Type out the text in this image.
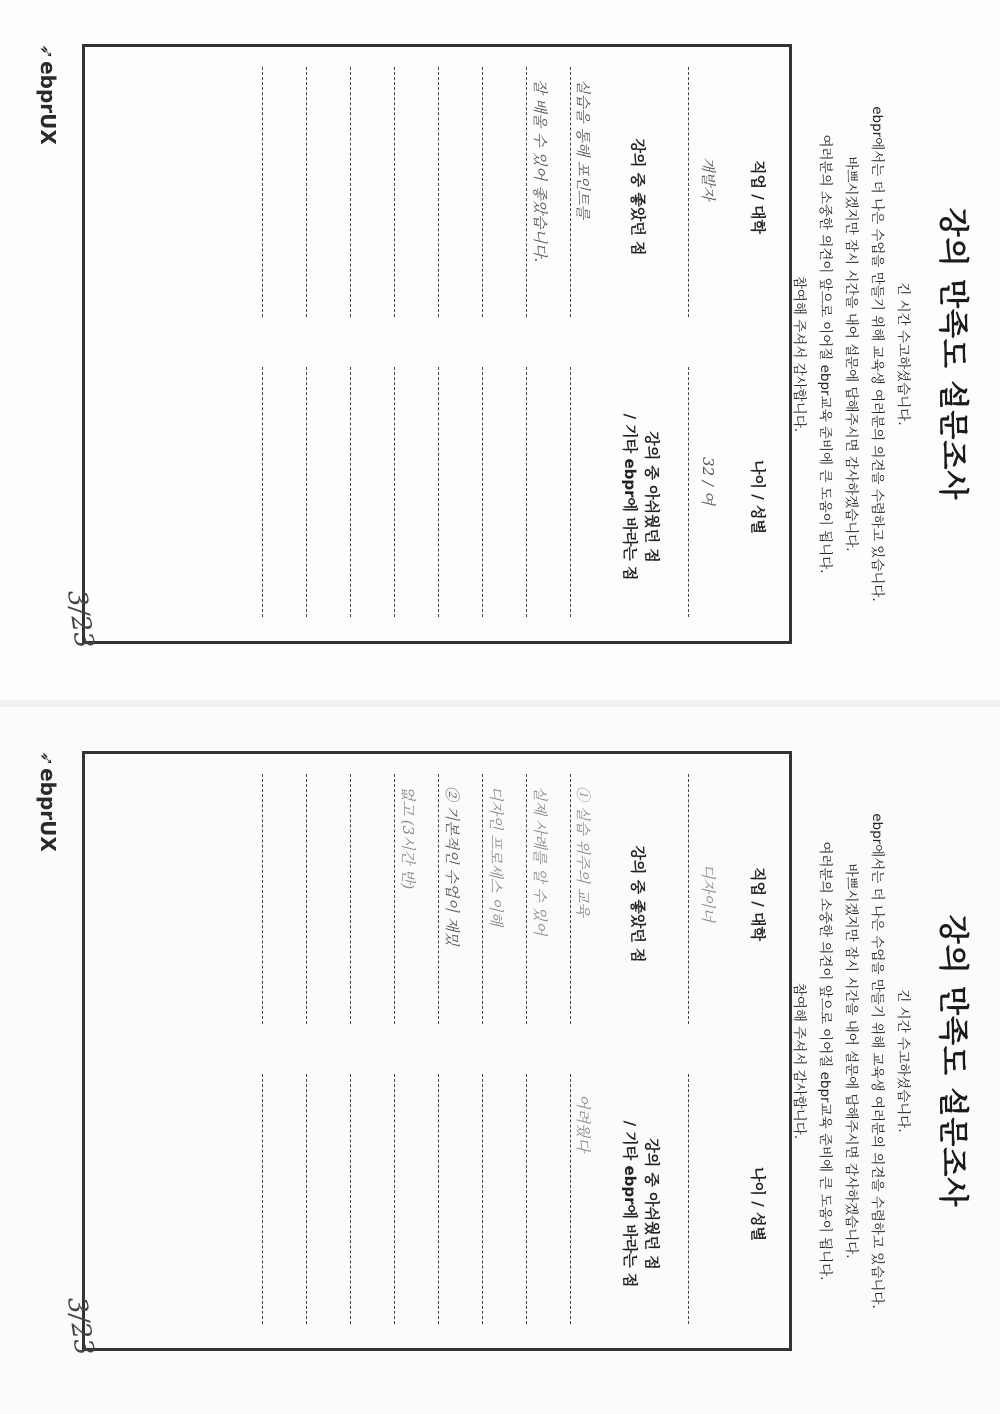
강의 만족도 설문조사
긴 시간 수고하셨습니다.
ebpr에서는 더 나은 수업을 만들기 위해 교육생 여러분의 의견을 수렴하고 있습니다.
바쁘시겠지만 잠시 시간을 내어 설문에 답해주시면 감사하겠습니다.
여러분의 소중한 의견이 앞으로 이어질 ebpr교육 준비에 큰 도움이 됩니다.
참여해 주셔서 감사합니다.
직업 / 대학
나이 / 성별
개발자
32 / 여
강의 중 좋았던 점
강의 중 아쉬웠던 점
/ 기타 ebpr에 바라는 점
실습을 통해 포인트를
잘 배울 수 있어 좋았습니다.
➶ebprUX
3/23
강의 만족도 설문조사
긴 시간 수고하셨습니다.
ebpr에서는 더 나은 수업을 만들기 위해 교육생 여러분의 의견을 수렴하고 있습니다.
바쁘시겠지만 잠시 시간을 내어 설문에 답해주시면 감사하겠습니다.
여러분의 소중한 의견이 앞으로 이어질 ebpr교육 준비에 큰 도움이 됩니다.
참여해 주셔서 감사합니다.
직업 / 대학
나이 / 성별
디자이너
강의 중 좋았던 점
강의 중 아쉬웠던 점
/ 기타 ebpr에 바라는 점
① 실습 위주의 교육
어려웠다
실제 사례를 알 수 있어
디자인 프로세스 이해
② 기본적인 수업이 재밌
없고 (3시간 반)
➶ebprUX
3/23
